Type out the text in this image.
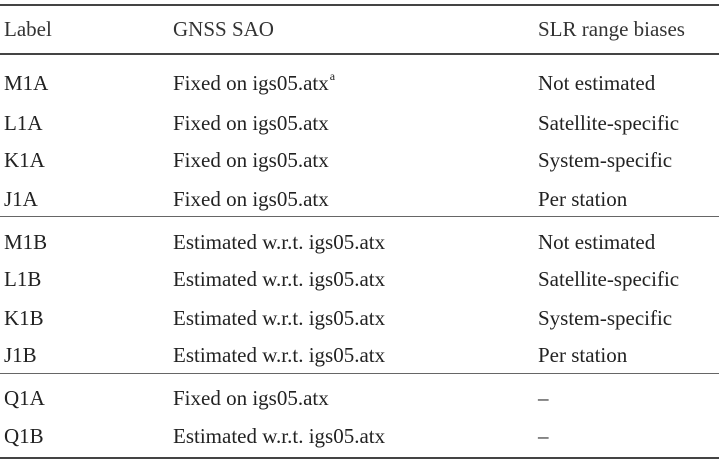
Label	GNSS SAO	SLR range biases
M1A	Fixed on igs05.atx$^a$	Not estimated
L1A	Fixed on igs05.atx	Satellite-specific
K1A	Fixed on igs05.atx	System-specific
J1A	Fixed on igs05.atx	Per station
M1B	Estimated w.r.t. igs05.atx	Not estimated
L1B	Estimated w.r.t. igs05.atx	Satellite-specific
K1B	Estimated w.r.t. igs05.atx	System-specific
J1B	Estimated w.r.t. igs05.atx	Per station
Q1A	Fixed on igs05.atx	–
Q1B	Estimated w.r.t. igs05.atx	–
